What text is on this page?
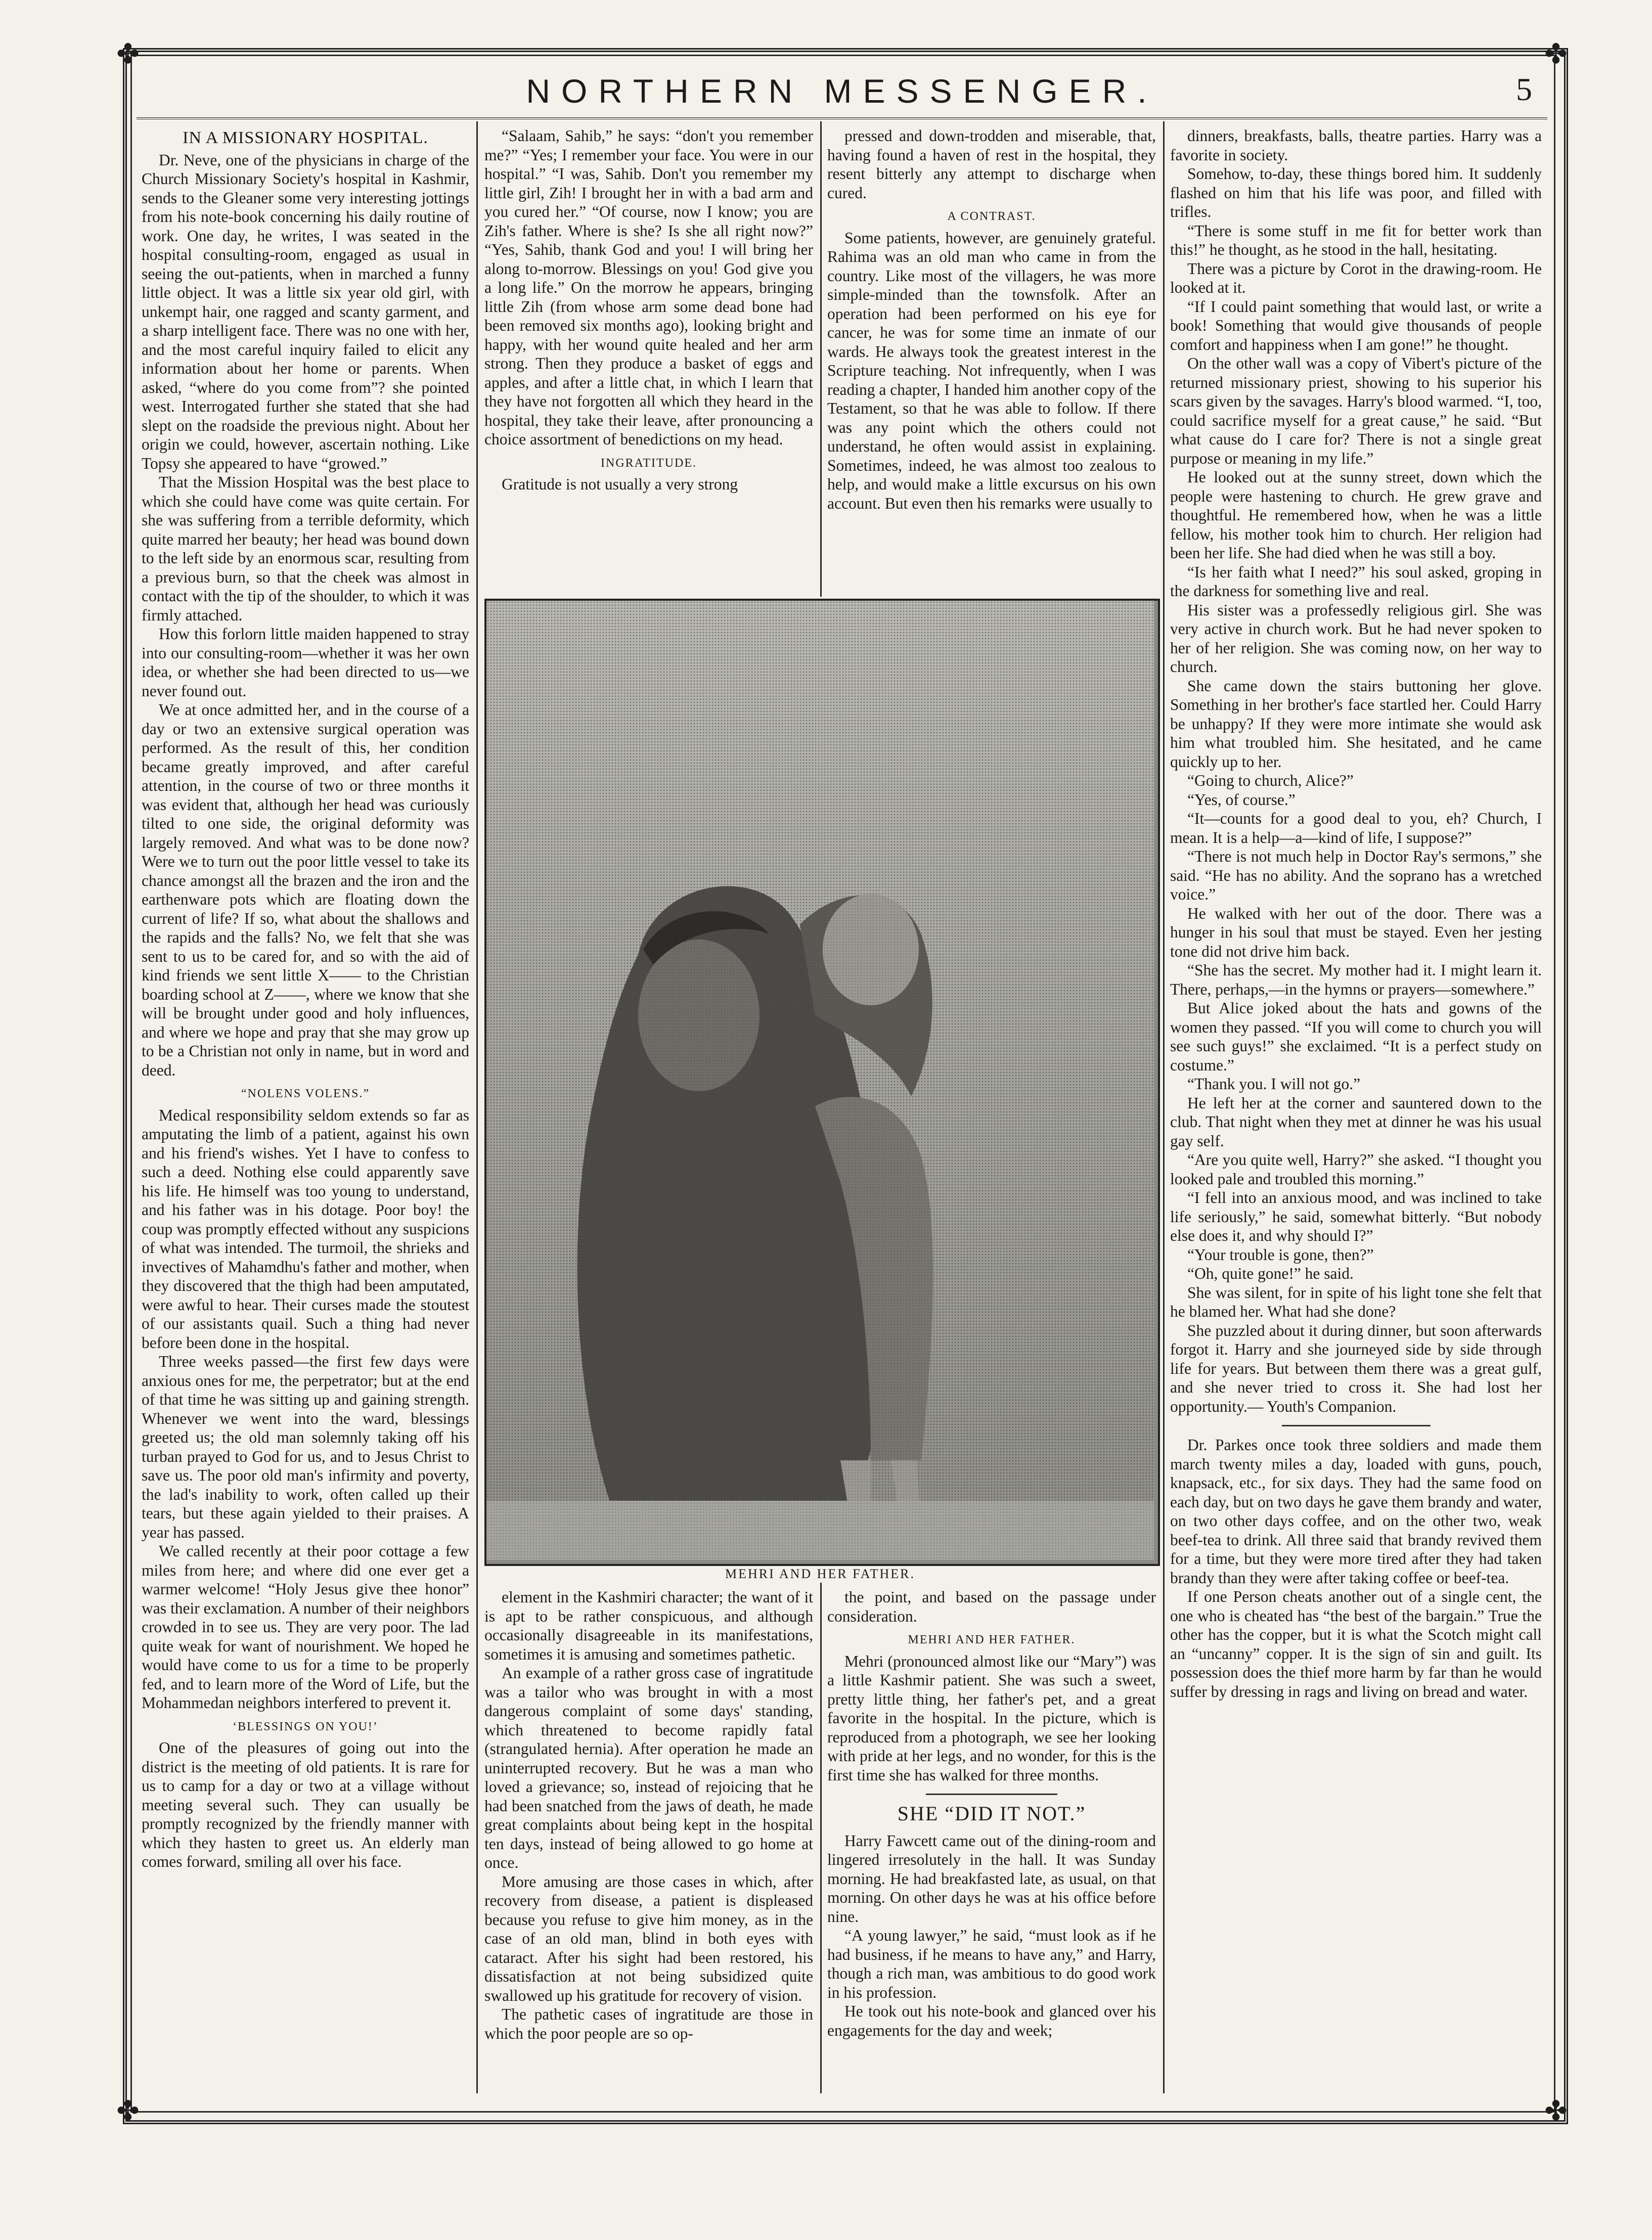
✤	✤
✤	✤
NORTHERN MESSENGER.	5
IN A MISSIONARY HOSPITAL.

Dr. Neve, one of the physicians in charge of the Church Missionary Society's hospital in Kashmir, sends to the Gleaner some very interesting jottings from his note-book concerning his daily routine of work. One day, he writes, I was seated in the hospital consulting-room, engaged as usual in seeing the out-patients, when in marched a funny little object. It was a little six year old girl, with unkempt hair, one ragged and scanty garment, and a sharp intelligent face. There was no one with her, and the most careful inquiry failed to elicit any information about her home or parents. When asked, “where do you come from”? she pointed west. Interrogated further she stated that she had slept on the roadside the previous night. About her origin we could, however, ascertain nothing. Like Topsy she appeared to have “growed.”

That the Mission Hospital was the best place to which she could have come was quite certain. For she was suffering from a terrible deformity, which quite marred her beauty; her head was bound down to the left side by an enormous scar, resulting from a previous burn, so that the cheek was almost in contact with the tip of the shoulder, to which it was firmly attached.

How this forlorn little maiden happened to stray into our consulting-room—whether it was her own idea, or whether she had been directed to us—we never found out.

We at once admitted her, and in the course of a day or two an extensive surgical operation was performed. As the result of this, her condition became greatly improved, and after careful attention, in the course of two or three months it was evident that, although her head was curiously tilted to one side, the original deformity was largely removed. And what was to be done now? Were we to turn out the poor little vessel to take its chance amongst all the brazen and the iron and the earthenware pots which are floating down the current of life? If so, what about the shallows and the rapids and the falls? No, we felt that she was sent to us to be cared for, and so with the aid of kind friends we sent little X—— to the Christian boarding school at Z——, where we know that she will be brought under good and holy influences, and where we hope and pray that she may grow up to be a Christian not only in name, but in word and deed.

“NOLENS VOLENS.”

Medical responsibility seldom extends so far as amputating the limb of a patient, against his own and his friend's wishes. Yet I have to confess to such a deed. Nothing else could apparently save his life. He himself was too young to understand, and his father was in his dotage. Poor boy! the coup was promptly effected without any suspicions of what was intended. The turmoil, the shrieks and invectives of Mahamdhu's father and mother, when they discovered that the thigh had been amputated, were awful to hear. Their curses made the stoutest of our assistants quail. Such a thing had never before been done in the hospital.

Three weeks passed—the first few days were anxious ones for me, the perpetrator; but at the end of that time he was sitting up and gaining strength. Whenever we went into the ward, blessings greeted us; the old man solemnly taking off his turban prayed to God for us, and to Jesus Christ to save us. The poor old man's infirmity and poverty, the lad's inability to work, often called up their tears, but these again yielded to their praises. A year has passed.

We called recently at their poor cottage a few miles from here; and where did one ever get a warmer welcome! “Holy Jesus give thee honor” was their exclamation. A number of their neighbors crowded in to see us. They are very poor. The lad quite weak for want of nourishment. We hoped he would have come to us for a time to be properly fed, and to learn more of the Word of Life, but the Mohammedan neighbors interfered to prevent it.

‘BLESSINGS ON YOU!’

One of the pleasures of going out into the district is the meeting of old patients. It is rare for us to camp for a day or two at a village without meeting several such. They can usually be promptly recognized by the friendly manner with which they hasten to greet us. An elderly man comes forward, smiling all over his face.

“Salaam, Sahib,” he says: “don't you remember me?” “Yes; I remember your face. You were in our hospital.” “I was, Sahib. Don't you remember my little girl, Zih! I brought her in with a bad arm and you cured her.” “Of course, now I know; you are Zih's father. Where is she? Is she all right now?” “Yes, Sahib, thank God and you! I will bring her along to-morrow. Blessings on you! God give you a long life.” On the morrow he appears, bringing little Zih (from whose arm some dead bone had been removed six months ago), looking bright and happy, with her wound quite healed and her arm strong. Then they produce a basket of eggs and apples, and after a little chat, in which I learn that they have not forgotten all which they heard in the hospital, they take their leave, after pronouncing a choice assortment of benedictions on my head.

INGRATITUDE.

Gratitude is not usually a very strong

pressed and down-trodden and miserable, that, having found a haven of rest in the hospital, they resent bitterly any attempt to discharge when cured.

A CONTRAST.

Some patients, however, are genuinely grateful. Rahima was an old man who came in from the country. Like most of the villagers, he was more simple-minded than the townsfolk. After an operation had been performed on his eye for cancer, he was for some time an inmate of our wards. He always took the greatest interest in the Scripture teaching. Not infrequently, when I was reading a chapter, I handed him another copy of the Testament, so that he was able to follow. If there was any point which the others could not understand, he often would assist in explaining. Sometimes, indeed, he was almost too zealous to help, and would make a little excursus on his own account. But even then his remarks were usually to

MEHRI AND HER FATHER.

element in the Kashmiri character; the want of it is apt to be rather conspicuous, and although occasionally disagreeable in its manifestations, sometimes it is amusing and sometimes pathetic.

An example of a rather gross case of ingratitude was a tailor who was brought in with a most dangerous complaint of some days' standing, which threatened to become rapidly fatal (strangulated hernia). After operation he made an uninterrupted recovery. But he was a man who loved a grievance; so, instead of rejoicing that he had been snatched from the jaws of death, he made great complaints about being kept in the hospital ten days, instead of being allowed to go home at once.

More amusing are those cases in which, after recovery from disease, a patient is displeased because you refuse to give him money, as in the case of an old man, blind in both eyes with cataract. After his sight had been restored, his dissatisfaction at not being subsidized quite swallowed up his gratitude for recovery of vision.

The pathetic cases of ingratitude are those in which the poor people are so op-

the point, and based on the passage under consideration.

MEHRI AND HER FATHER.

Mehri (pronounced almost like our “Mary”) was a little Kashmir patient. She was such a sweet, pretty little thing, her father's pet, and a great favorite in the hospital. In the picture, which is reproduced from a photograph, we see her looking with pride at her legs, and no wonder, for this is the first time she has walked for three months.

SHE “DID IT NOT.”

Harry Fawcett came out of the dining-room and lingered irresolutely in the hall. It was Sunday morning. He had breakfasted late, as usual, on that morning. On other days he was at his office before nine.

“A young lawyer,” he said, “must look as if he had business, if he means to have any,” and Harry, though a rich man, was ambitious to do good work in his profession.

He took out his note-book and glanced over his engagements for the day and week;

dinners, breakfasts, balls, theatre parties. Harry was a favorite in society.

Somehow, to-day, these things bored him. It suddenly flashed on him that his life was poor, and filled with trifles.

“There is some stuff in me fit for better work than this!” he thought, as he stood in the hall, hesitating.

There was a picture by Corot in the drawing-room. He looked at it.

“If I could paint something that would last, or write a book! Something that would give thousands of people comfort and happiness when I am gone!” he thought.

On the other wall was a copy of Vibert's picture of the returned missionary priest, showing to his superior his scars given by the savages. Harry's blood warmed. “I, too, could sacrifice myself for a great cause,” he said. “But what cause do I care for? There is not a single great purpose or meaning in my life.”

He looked out at the sunny street, down which the people were hastening to church. He grew grave and thoughtful. He remembered how, when he was a little fellow, his mother took him to church. Her religion had been her life. She had died when he was still a boy.

“Is her faith what I need?” his soul asked, groping in the darkness for something live and real.

His sister was a professedly religious girl. She was very active in church work. But he had never spoken to her of her religion. She was coming now, on her way to church.

She came down the stairs buttoning her glove. Something in her brother's face startled her. Could Harry be unhappy? If they were more intimate she would ask him what troubled him. She hesitated, and he came quickly up to her.

“Going to church, Alice?”

“Yes, of course.”

“It—counts for a good deal to you, eh? Church, I mean. It is a help—a—kind of life, I suppose?”

“There is not much help in Doctor Ray's sermons,” she said. “He has no ability. And the soprano has a wretched voice.”

He walked with her out of the door. There was a hunger in his soul that must be stayed. Even her jesting tone did not drive him back.

“She has the secret. My mother had it. I might learn it. There, perhaps,—in the hymns or prayers—somewhere.”

But Alice joked about the hats and gowns of the women they passed. “If you will come to church you will see such guys!” she exclaimed. “It is a perfect study on costume.”

“Thank you. I will not go.”

He left her at the corner and sauntered down to the club. That night when they met at dinner he was his usual gay self.

“Are you quite well, Harry?” she asked. “I thought you looked pale and troubled this morning.”

“I fell into an anxious mood, and was inclined to take life seriously,” he said, somewhat bitterly. “But nobody else does it, and why should I?”

“Your trouble is gone, then?”

“Oh, quite gone!” he said.

She was silent, for in spite of his light tone she felt that he blamed her. What had she done?

She puzzled about it during dinner, but soon afterwards forgot it. Harry and she journeyed side by side through life for years. But between them there was a great gulf, and she never tried to cross it. She had lost her opportunity.— Youth's Companion.

Dr. Parkes once took three soldiers and made them march twenty miles a day, loaded with guns, pouch, knapsack, etc., for six days. They had the same food on each day, but on two days he gave them brandy and water, on two other days coffee, and on the other two, weak beef-tea to drink. All three said that brandy revived them for a time, but they were more tired after they had taken brandy than they were after taking coffee or beef-tea.

If one Person cheats another out of a single cent, the one who is cheated has “the best of the bargain.” True the other has the copper, but it is what the Scotch might call an “uncanny” copper. It is the sign of sin and guilt. Its possession does the thief more harm by far than he would suffer by dressing in rags and living on bread and water.
